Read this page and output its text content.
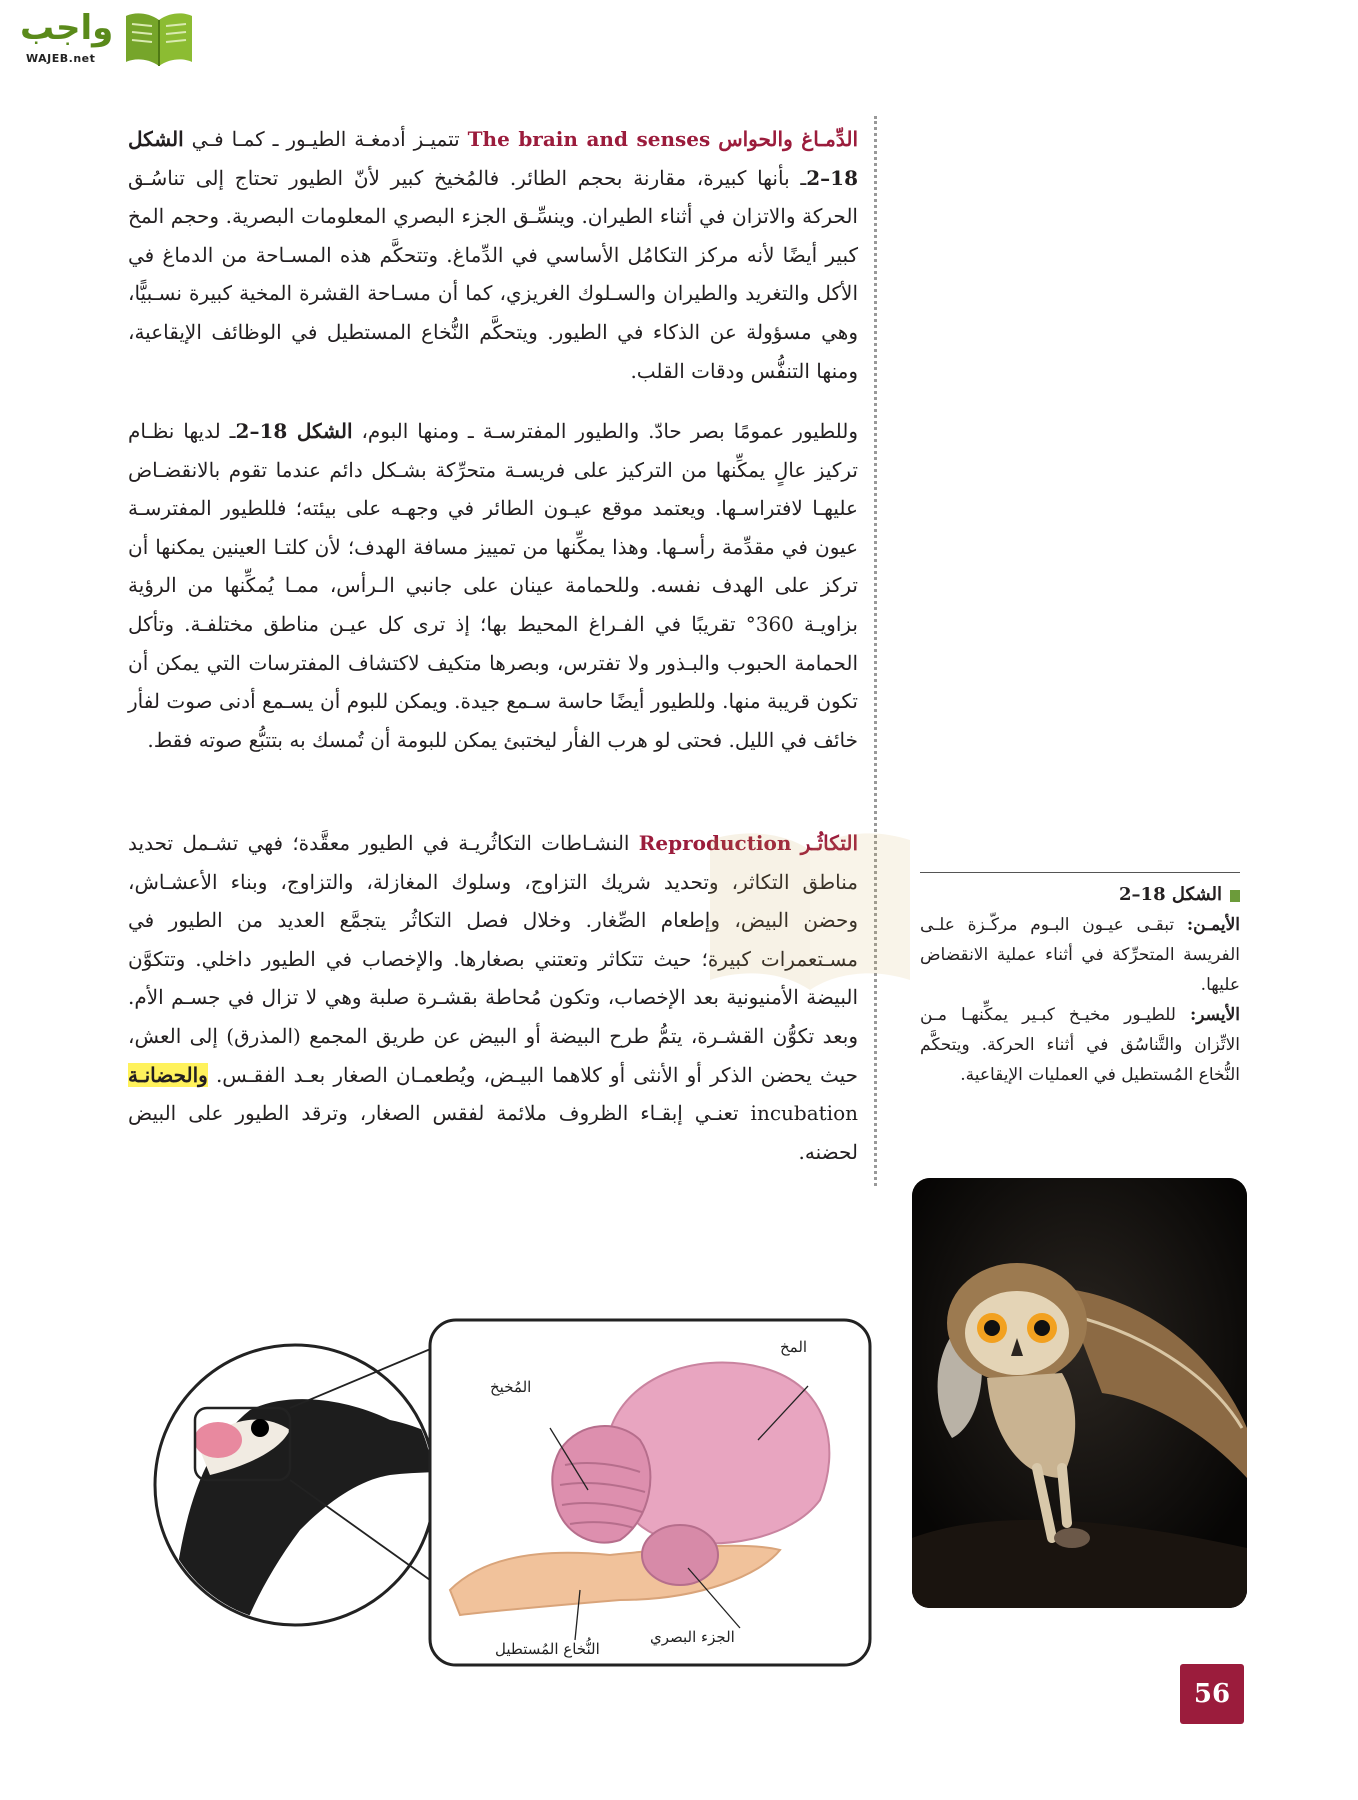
واجب
WAJEB.net
الدِّمـاغ والحواس The brain and senses تتميـز أدمغـة الطيـور ـ كمـا فـي الشكل 18–2ـ بأنها كبيرة، مقارنة بحجم الطائر. فالمُخيخ كبير لأنّ الطيور تحتاج إلى تناسُـق الحركة والاتزان في أثناء الطيران. وينسِّـق الجزء البصري المعلومات البصرية. وحجم المخ كبير أيضًا لأنه مركز التكامُل الأساسي في الدِّماغ. وتتحكَّم هذه المسـاحة من الدماغ في الأكل والتغريد والطيران والسـلوك الغريزي، كما أن مسـاحة القشرة المخية كبيرة نسـبيًّا، وهي مسؤولة عن الذكاء في الطيور. ويتحكَّم النُّخاع المستطيل في الوظائف الإيقاعية، ومنها التنفُّس ودقات القلب.
وللطيور عمومًا بصر حادّ. والطيور المفترسـة ـ ومنها البوم، الشكل 18–2ـ لديها نظـام تركيز عالٍ يمكِّنها من التركيز على فريسـة متحرِّكة بشـكل دائم عندما تقوم بالانقضـاض عليهـا لافتراسـها. ويعتمد موقع عيـون الطائر في وجهـه على بيئته؛ فللطيور المفترسـة عيون في مقدِّمة رأسـها. وهذا يمكِّنها من تمييز مسافة الهدف؛ لأن كلتـا العينين يمكنها أن تركز على الهدف نفسه. وللحمامة عينان على جانبي الـرأس، ممـا يُمكِّنها من الرؤية بزاويـة 360° تقريبًا في الفـراغ المحيط بها؛ إذ ترى كل عيـن مناطق مختلفـة. وتأكل الحمامة الحبوب والبـذور ولا تفترس، وبصرها متكيف لاكتشاف المفترسات التي يمكن أن تكون قريبة منها. وللطيور أيضًا حاسة سـمع جيدة. ويمكن للبوم أن يسـمع أدنى صوت لفأر خائف في الليل. فحتى لو هرب الفأر ليختبئ يمكن للبومة أن تُمسك به بتتبُّع صوته فقط.
التكاثُـر Reproduction النشـاطات التكاثُريـة في الطيور معقَّدة؛ فهي تشـمل تحديد مناطق التكاثر، وتحديد شريك التزاوج، وسلوك المغازلة، والتزاوج، وبناء الأعشـاش، وحضن البيض، وإطعام الصِّغار. وخلال فصل التكاثُر يتجمَّع العديد من الطيور في مسـتعمرات كبيرة؛ حيث تتكاثر وتعتني بصغارها. والإخصاب في الطيور داخلي. وتتكوَّن البيضة الأمنيونية بعد الإخصاب، وتكون مُحاطة بقشـرة صلبة وهي لا تزال في جسـم الأم. وبعد تكوُّن القشـرة، يتمُّ طرح البيضة أو البيض عن طريق المجمع (المذرق) إلى العش، حيث يحضن الذكر أو الأنثى أو كلاهما البيـض، ويُطعمـان الصغار بعـد الفقـس. والحضانـة incubation تعنـي إبقـاء الظروف ملائمة لفقس الصغار، وترقد الطيور على البيض لحضنه.
الشكل 18–2
الأيمـن: تبقـى عيـون البـوم مركّـزة علـى الفريسة المتحرِّكة في أثناء عملية الانقضاض عليها.
الأيسر: للطيـور مخيـخ كبـير يمكِّنهـا مـن الاتِّزان والتَّناسُق في أثناء الحركة. ويتحكَّم النُّخاع المُستطيل في العمليات الإيقاعية.
المخ
المُخيخ
الجزء البصري
النُّخاع المُستطيل
56
